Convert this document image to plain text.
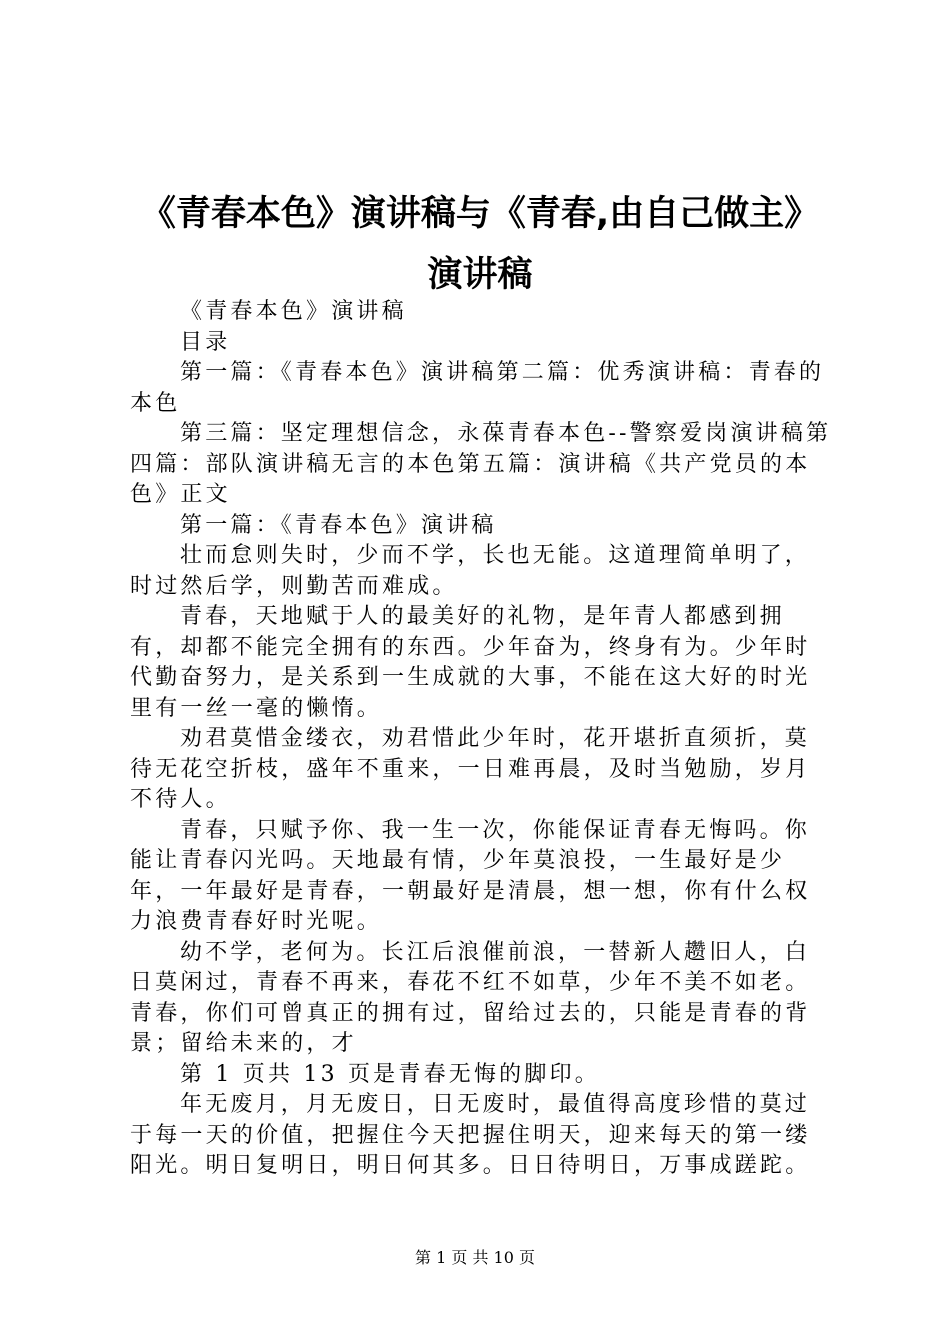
《青春本色》演讲稿与《青春,由自己做主》
演讲稿

《青春本色》演讲稿

目录

第一篇：《青春本色》演讲稿第二篇：优秀演讲稿：青春的本色

第三篇：坚定理想信念，永葆青春本色--警察爱岗演讲稿第四篇：部队演讲稿无言的本色第五篇：演讲稿《共产党员的本色》正文

第一篇：《青春本色》演讲稿

壮而怠则失时，少而不学，长也无能。这道理简单明了，时过然后学，则勤苦而难成。

青春，天地赋于人的最美好的礼物，是年青人都感到拥有，却都不能完全拥有的东西。少年奋为，终身有为。少年时代勤奋努力，是关系到一生成就的大事，不能在这大好的时光里有一丝一毫的懒惰。

劝君莫惜金缕衣，劝君惜此少年时，花开堪折直须折，莫待无花空折枝，盛年不重来，一日难再晨，及时当勉励，岁月不待人。

青春，只赋予你、我一生一次，你能保证青春无悔吗。你能让青春闪光吗。天地最有情，少年莫浪投，一生最好是少年，一年最好是青春，一朝最好是清晨，想一想，你有什么权力浪费青春好时光呢。

幼不学，老何为。长江后浪催前浪，一替新人趱旧人，白日莫闲过，青春不再来，春花不红不如草，少年不美不如老。青春，你们可曾真正的拥有过，留给过去的，只能是青春的背景；留给未来的，才

第 1 页共 13 页是青春无悔的脚印。

年无废月，月无废日，日无废时，最值得高度珍惜的莫过于每一天的价值，把握住今天把握住明天，迎来每天的第一缕阳光。明日复明日，明日何其多。日日待明日，万事成蹉跎。

第 1 页 共 10 页
